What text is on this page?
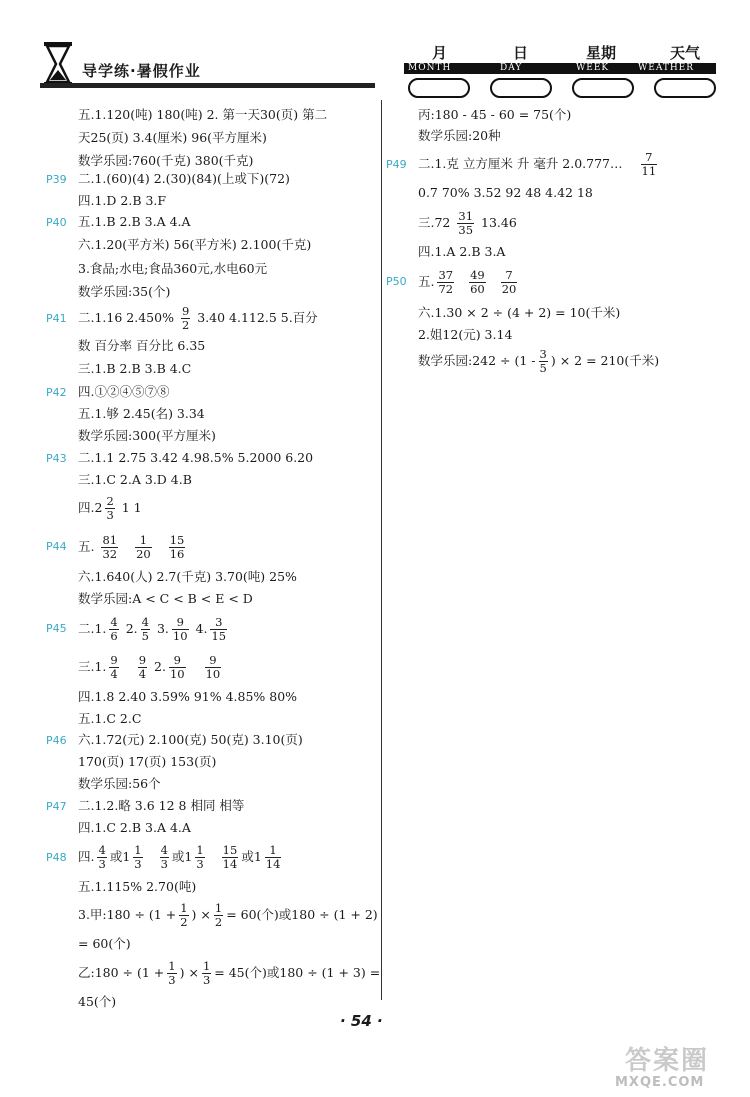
导学练·暑假作业
月	日	星期	天气
MONTH	DAY	WEEK	WEATHER
五.1.120(吨) 180(吨) 2. 第一天30(页) 第二
天25(页) 3.4(厘米) 96(平方厘米)
数学乐园:760(千克) 380(千克)
P39 二.1.(60)(4) 2.(30)(84)(上或下)(72)
四.1.D 2.B 3.F
P40 五.1.B 2.B 3.A 4.A
六.1.20(平方米) 56(平方米) 2.100(千克)
3.食品;水电;食品360元,水电60元
数学乐园:35(个)
P41 二.1.16 $2.450\% \frac{9}{2} 3.40$ 4.112.5 5.百分
数 百分率 百分比 6.35
三.1.B 2.B 3.B 4.C
P42 四.①②④⑤⑦⑧
五.1.够 2.45(名) 3.34
数学乐园:300(平方厘米)
P43 二.1.1 2.75 3.42 4.98.5% 5.2000 6.20
三.1.C 2.A 3.D 4.B
四$.2 \frac{2}{3} 1$ 1
P44 五. $\frac{81}{32}$
$\frac{1}{20}$
$\frac{15}{16}$
六.1.640(人) 2.7(千克) 3.70(吨) 25%
数学乐园:A < C < B < E < D
P45 二.1. $\frac{4}{6} 2$. $\frac{4}{5} 3$. $\frac{9}{10} 4$. $\frac{3}{15}$
三.1. $\frac{9}{4}$
$\frac{9}{4} 2$. $\frac{9}{10}$
$\frac{9}{10}$
四.1.8 2.40 3.59% 91% 4.85% 80%
五.1.C 2.C
P46 六.1.72(元) 2.100(克) 50(克) 3.10(页)
170(页) 17(页) 153(页)
数学乐园:56个
P47 二.1.2.略 3.6 12 8 相同 相等
四.1.C 2.B 3.A 4.A
P48 四. $\frac{4}{3}$ 或$1 \frac{1}{3}$
$\frac{4}{3}$ 或$1 \frac{1}{3}$
$\frac{15}{14}$ 或$1 \frac{1}{14}$
五.1.115% 2.70(吨)
3.甲:180 ÷ ($1 + \frac{1}{2}$ ) × $\frac{1}{2} = 60$(个)或180 ÷ (1 + 2)
= 60(个)
乙:180 ÷ ($1 + \frac{1}{3}$ ) × $\frac{1}{3} = 45$(个)或180 ÷ (1 + 3) =
45(个)
丙:180 - 45 - 60 = 75(个)
数学乐园:20种
P49 二.1.克 立方厘米 升 毫升 2.0.777… $\frac{7}{11}$
0.7 70% 3.52 92 48 4.42 18
三$.72 \frac{31}{35} 13.46$
四.1.A 2.B 3.A
P50 五. $\frac{37}{72}$
$\frac{49}{60}$
$\frac{7}{20}$
六.1.30 × 2 ÷ (4 + 2) = 10(千米)
2.姐12(元) 3.14
数学乐园:242 ÷ ($1 - \frac{3}{5}$ ) × 2 = 210(千米)
· 54 ·
答案圈
MXQE.COM
